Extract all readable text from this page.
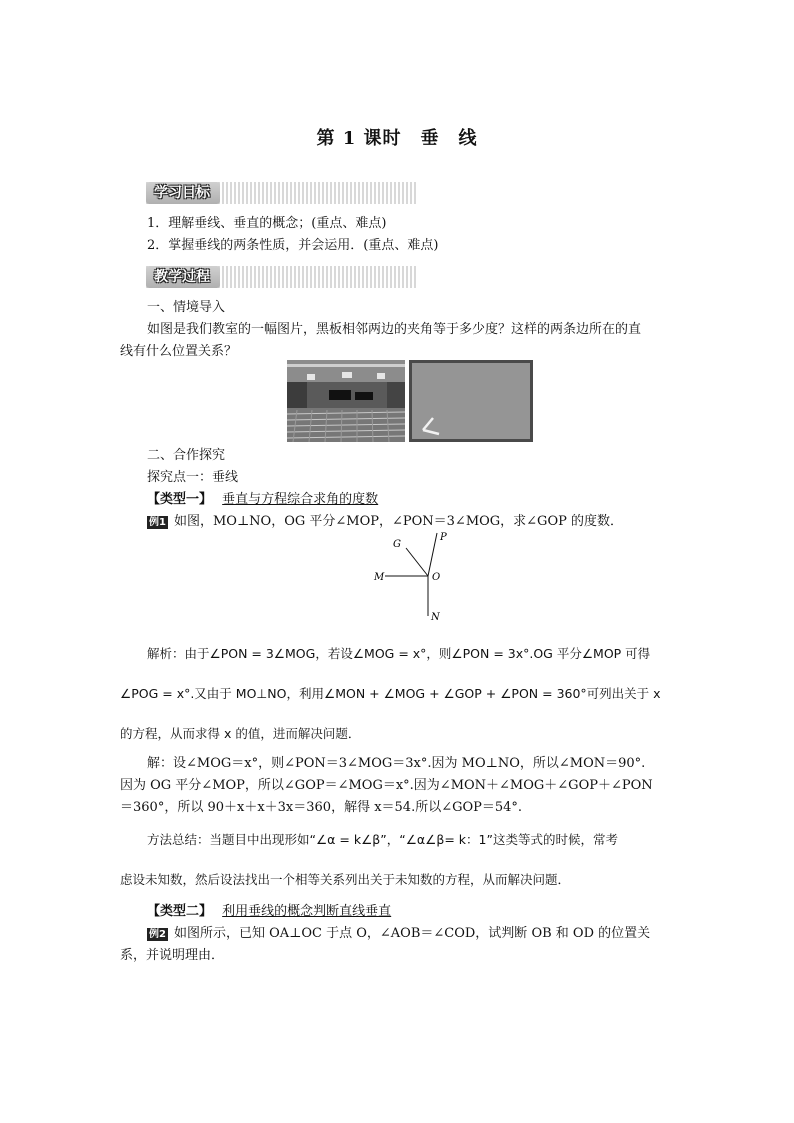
第 1 课时　垂　线
学习目标
1．理解垂线、垂直的概念；(重点、难点)
2．掌握垂线的两条性质，并会运用．(重点、难点)
教学过程
一、情境导入
如图是我们教室的一幅图片，黑板相邻两边的夹角等于多少度？这样的两条边所在的直
线有什么位置关系？
二、合作探究
探究点一：垂线
【类型一】 垂直与方程综合求角的度数
例1 如图，MO⊥NO，OG 平分∠MOP，∠PON＝3∠MOG，求∠GOP 的度数．
G
P
M	O
N
解析：由于∠PON = 3∠MOG，若设∠MOG = x°，则∠PON = 3x°.OG 平分∠MOP 可得
∠POG = x°.又由于 MO⊥NO，利用∠MON + ∠MOG + ∠GOP + ∠PON = 360°可列出关于 x
的方程，从而求得 x 的值，进而解决问题．
解：设∠MOG＝x°，则∠PON＝3∠MOG＝3x°.因为 MO⊥NO，所以∠MON＝90°.
因为 OG 平分∠MOP，所以∠GOP＝∠MOG＝x°.因为∠MON＋∠MOG＋∠GOP＋∠PON
＝360°，所以 90＋x＋x＋3x＝360，解得 x＝54.所以∠GOP＝54°.
方法总结：当题目中出现形如“∠α = k∠β”，“∠α∠β= k：1”这类等式的时候，常考
虑设未知数，然后设法找出一个相等关系列出关于未知数的方程，从而解决问题．
【类型二】 利用垂线的概念判断直线垂直
例2 如图所示，已知 OA⊥OC 于点 O，∠AOB＝∠COD，试判断 OB 和 OD 的位置关
系，并说明理由．
